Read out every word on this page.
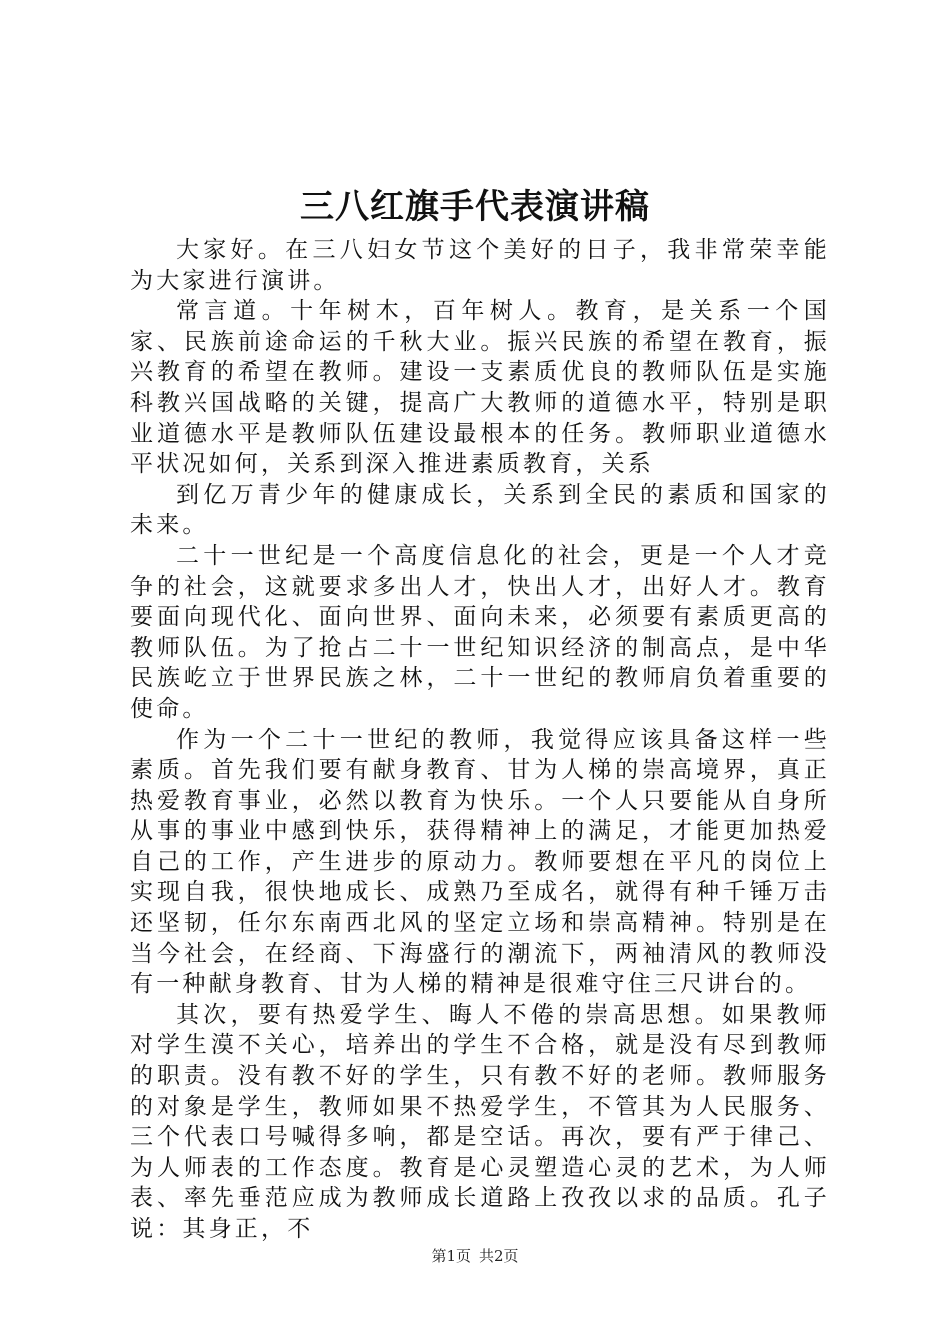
三八红旗手代表演讲稿

大家好。在三八妇女节这个美好的日子，我非常荣幸能为大家进行演讲。

常言道。十年树木，百年树人。教育，是关系一个国家、民族前途命运的千秋大业。振兴民族的希望在教育，振兴教育的希望在教师。建设一支素质优良的教师队伍是实施科教兴国战略的关键，提高广大教师的道德水平，特别是职业道德水平是教师队伍建设最根本的任务。教师职业道德水平状况如何，关系到深入推进素质教育，关系

到亿万青少年的健康成长，关系到全民的素质和国家的未来。

二十一世纪是一个高度信息化的社会，更是一个人才竞争的社会，这就要求多出人才，快出人才，出好人才。教育要面向现代化、面向世界、面向未来，必须要有素质更高的教师队伍。为了抢占二十一世纪知识经济的制高点，是中华民族屹立于世界民族之林，二十一世纪的教师肩负着重要的使命。

作为一个二十一世纪的教师，我觉得应该具备这样一些素质。首先我们要有献身教育、甘为人梯的崇高境界，真正热爱教育事业，必然以教育为快乐。一个人只要能从自身所从事的事业中感到快乐，获得精神上的满足，才能更加热爱自己的工作，产生进步的原动力。教师要想在平凡的岗位上实现自我，很快地成长、成熟乃至成名，就得有种千锤万击还坚韧，任尔东南西北风的坚定立场和崇高精神。特别是在当今社会，在经商、下海盛行的潮流下，两袖清风的教师没有一种献身教育、甘为人梯的精神是很难守住三尺讲台的。

其次，要有热爱学生、晦人不倦的崇高思想。如果教师对学生漠不关心，培养出的学生不合格，就是没有尽到教师的职责。没有教不好的学生，只有教不好的老师。教师服务的对象是学生，教师如果不热爱学生，不管其为人民服务、三个代表口号喊得多响，都是空话。再次，要有严于律己、为人师表的工作态度。教育是心灵塑造心灵的艺术，为人师表、率先垂范应成为教师成长道路上孜孜以求的品质。孔子说：其身正，不

第1页 共2页
